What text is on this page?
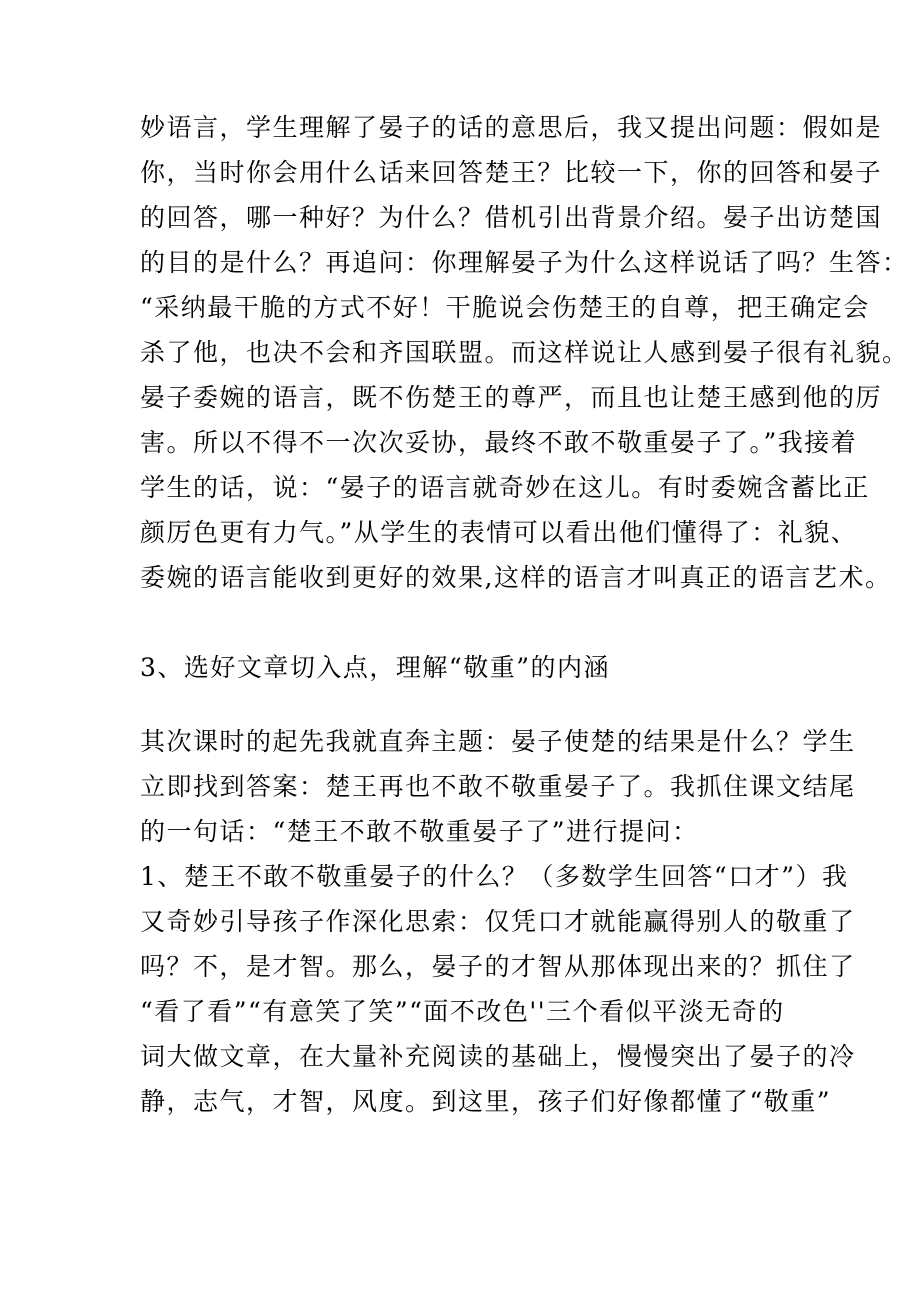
妙语言，学生理解了晏子的话的意思后，我又提出问题：假如是
你，当时你会用什么话来回答楚王？比较一下，你的回答和晏子
的回答，哪一种好？为什么？借机引出背景介绍。晏子出访楚国
的目的是什么？再追问：你理解晏子为什么这样说话了吗？生答：
“采纳最干脆的方式不好！干脆说会伤楚王的自尊，把王确定会
杀了他，也决不会和齐国联盟。而这样说让人感到晏子很有礼貌。
晏子委婉的语言，既不伤楚王的尊严，而且也让楚王感到他的厉
害。所以不得不一次次妥协，最终不敢不敬重晏子了。”我接着
学生的话，说：“晏子的语言就奇妙在这儿。有时委婉含蓄比正
颜厉色更有力气。”从学生的表情可以看出他们懂得了：礼貌、
委婉的语言能收到更好的效果,这样的语言才叫真正的语言艺术。
3、选好文章切入点，理解“敬重”的内涵
其次课时的起先我就直奔主题：晏子使楚的结果是什么？学生
立即找到答案：楚王再也不敢不敬重晏子了。我抓住课文结尾
的一句话：“楚王不敢不敬重晏子了”进行提问：
1、楚王不敢不敬重晏子的什么？（多数学生回答“口才”）我
又奇妙引导孩子作深化思索：仅凭口才就能赢得别人的敬重了
吗？不，是才智。那么，晏子的才智从那体现出来的？抓住了
“看了看”“有意笑了笑”“面不改色''三个看似平淡无奇的
词大做文章，在大量补充阅读的基础上，慢慢突出了晏子的冷
静，志气，才智，风度。到这里，孩子们好像都懂了“敬重”
